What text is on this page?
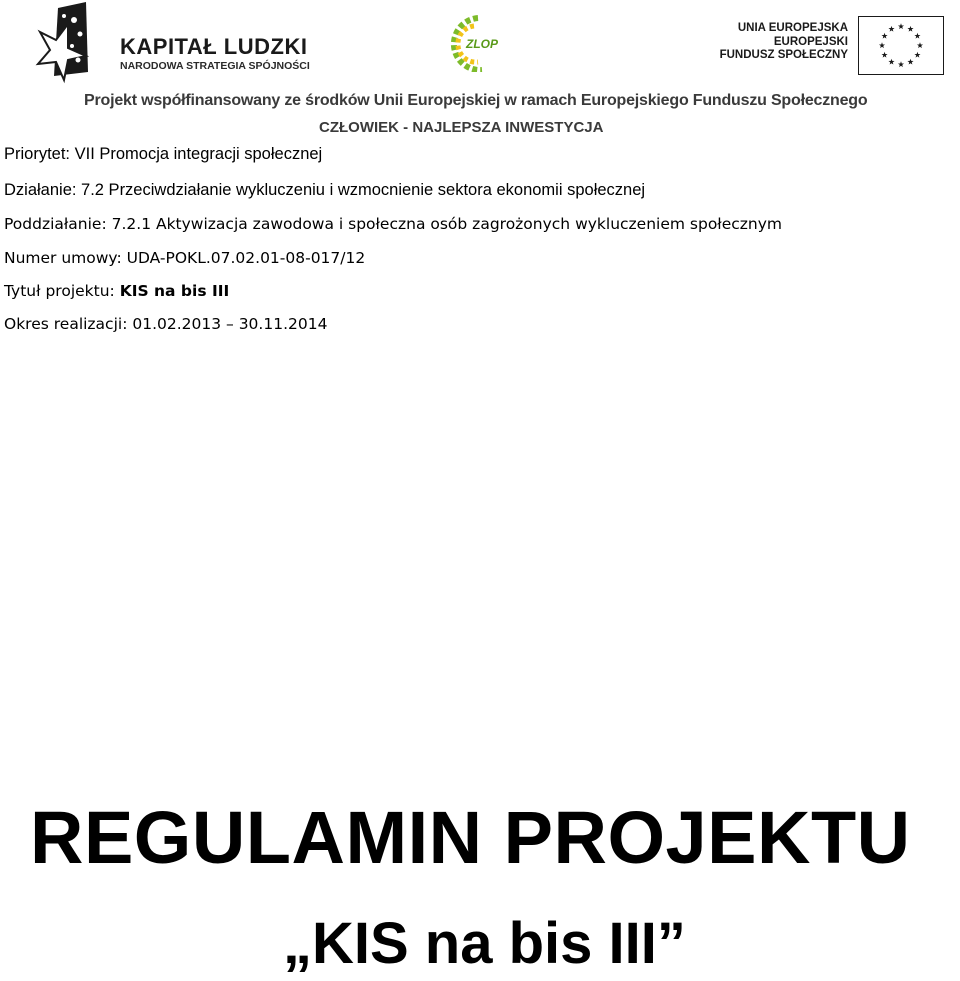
KAPITAŁ LUDZKI
NARODOWA STRATEGIA SPÓJNOŚCI
ZLOP
UNIA EUROPEJSKA
EUROPEJSKI
FUNDUSZ SPOŁECZNY
Projekt współfinansowany ze środków Unii Europejskiej w ramach Europejskiego Funduszu Społecznego
CZŁOWIEK - NAJLEPSZA INWESTYCJA
Priorytet: VII Promocja integracji społecznej
Działanie: 7.2 Przeciwdziałanie wykluczeniu i wzmocnienie sektora ekonomii społecznej
Poddziałanie: 7.2.1 Aktywizacja zawodowa i społeczna osób zagrożonych wykluczeniem społecznym
Numer umowy: UDA-POKL.07.02.01-08-017/12
Tytuł projektu: KIS na bis III
Okres realizacji: 01.02.2013 – 30.11.2014
REGULAMIN PROJEKTU
„KIS na bis III”
